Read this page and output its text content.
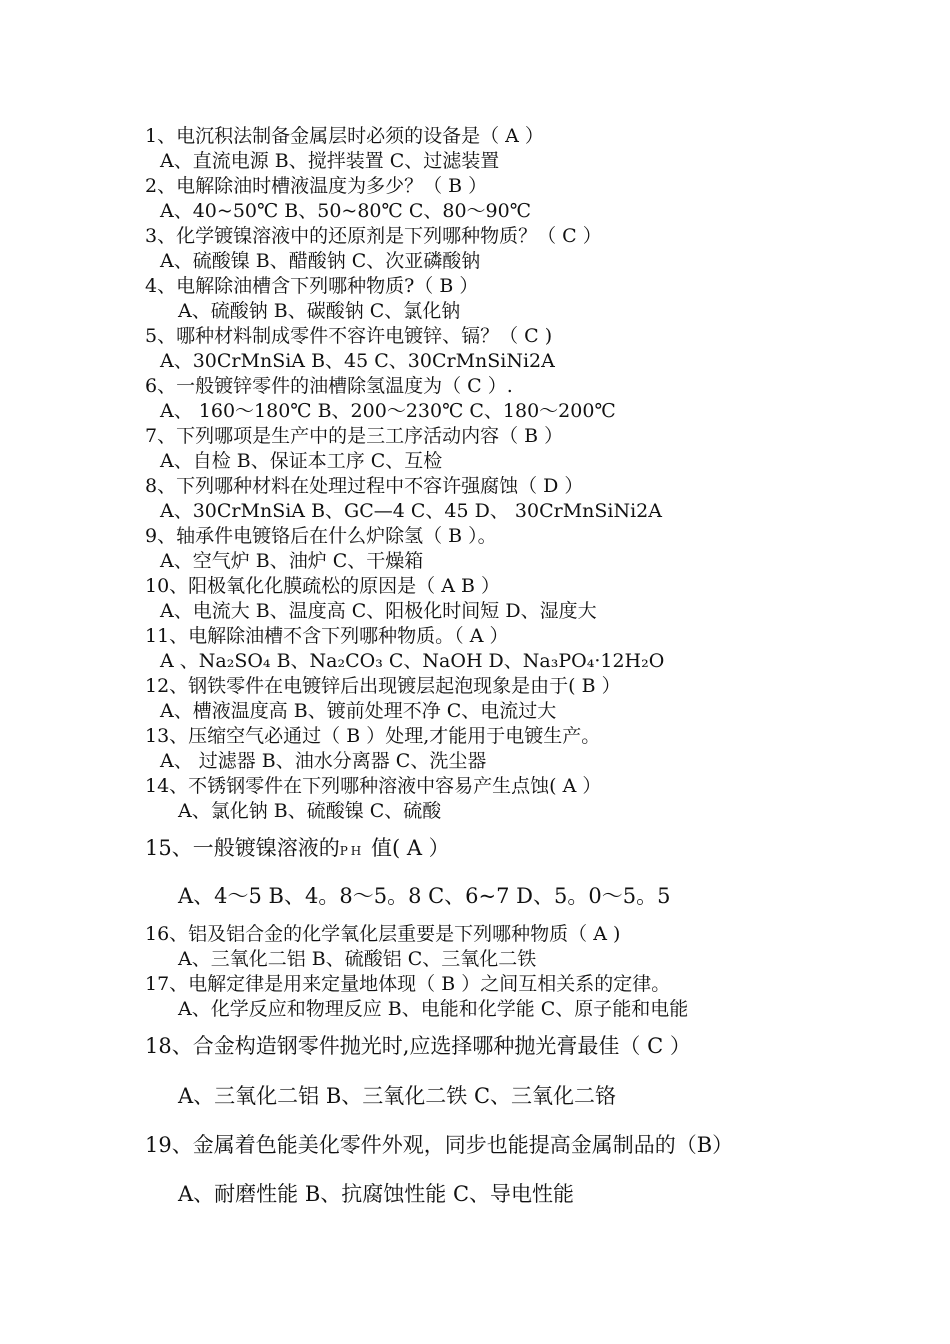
1、电沉积法制备金属层时必须的设备是（ A ）
A、直流电源 B、搅拌装置 C、过滤装置
2、电解除油时槽液温度为多少？（ B ）
A、40~50℃ B、50~80℃ C、80～90℃
3、化学镀镍溶液中的还原剂是下列哪种物质？（ C ）
A、硫酸镍 B、醋酸钠 C、次亚磷酸钠
4、电解除油槽含下列哪种物质?（ B ）
A、硫酸钠 B、碳酸钠 C、氯化钠
5、哪种材料制成零件不容许电镀锌、镉？（ C )
A、30CrMnSiA B、45 C、30CrMnSiNi2A
6、一般镀锌零件的油槽除氢温度为（ C ）.
A、 160～180℃ B、200～230℃ C、180～200℃
7、下列哪项是生产中的是三工序活动内容（ B ）
A、自检 B、保证本工序 C、互检
8、下列哪种材料在处理过程中不容许强腐蚀（ D ）
A、30CrMnSiA B、GC—4 C、45 D、 30CrMnSiNi2A
9、轴承件电镀铬后在什么炉除氢（ B ）。
A、空气炉 B、油炉 C、干燥箱
10、阳极氧化化膜疏松的原因是（ A B ）
A、电流大 B、温度高 C、阳极化时间短 D、湿度大
11、电解除油槽不含下列哪种物质。（ A ）
A 、Na₂SO₄ B、Na₂CO₃ C、NaOH D、Na₃PO₄·12H₂O
12、钢铁零件在电镀锌后出现镀层起泡现象是由于( B ）
A、槽液温度高 B、镀前处理不净 C、电流过大
13、压缩空气必通过（ B ）处理,才能用于电镀生产。
A、 过滤器 B、油水分离器 C、洗尘器
14、不锈钢零件在下列哪种溶液中容易产生点蚀( A ）
A、氯化钠 B、硫酸镍 C、硫酸
15、一般镀镍溶液的PH 值( A ）
A、4～5 B、4。8～5。8 C、6~7 D、5。0～5。5
16、铝及铝合金的化学氧化层重要是下列哪种物质（ A )
A、三氧化二铝 B、硫酸铝 C、三氧化二铁
17、电解定律是用来定量地体现（ B ）之间互相关系的定律。
A、化学反应和物理反应 B、电能和化学能 C、原子能和电能
18、合金构造钢零件抛光时,应选择哪种抛光膏最佳（ C ）
A、三氧化二铝 B、三氧化二铁 C、三氧化二铬
19、金属着色能美化零件外观，同步也能提高金属制品的（B）
A、耐磨性能 B、抗腐蚀性能 C、导电性能
